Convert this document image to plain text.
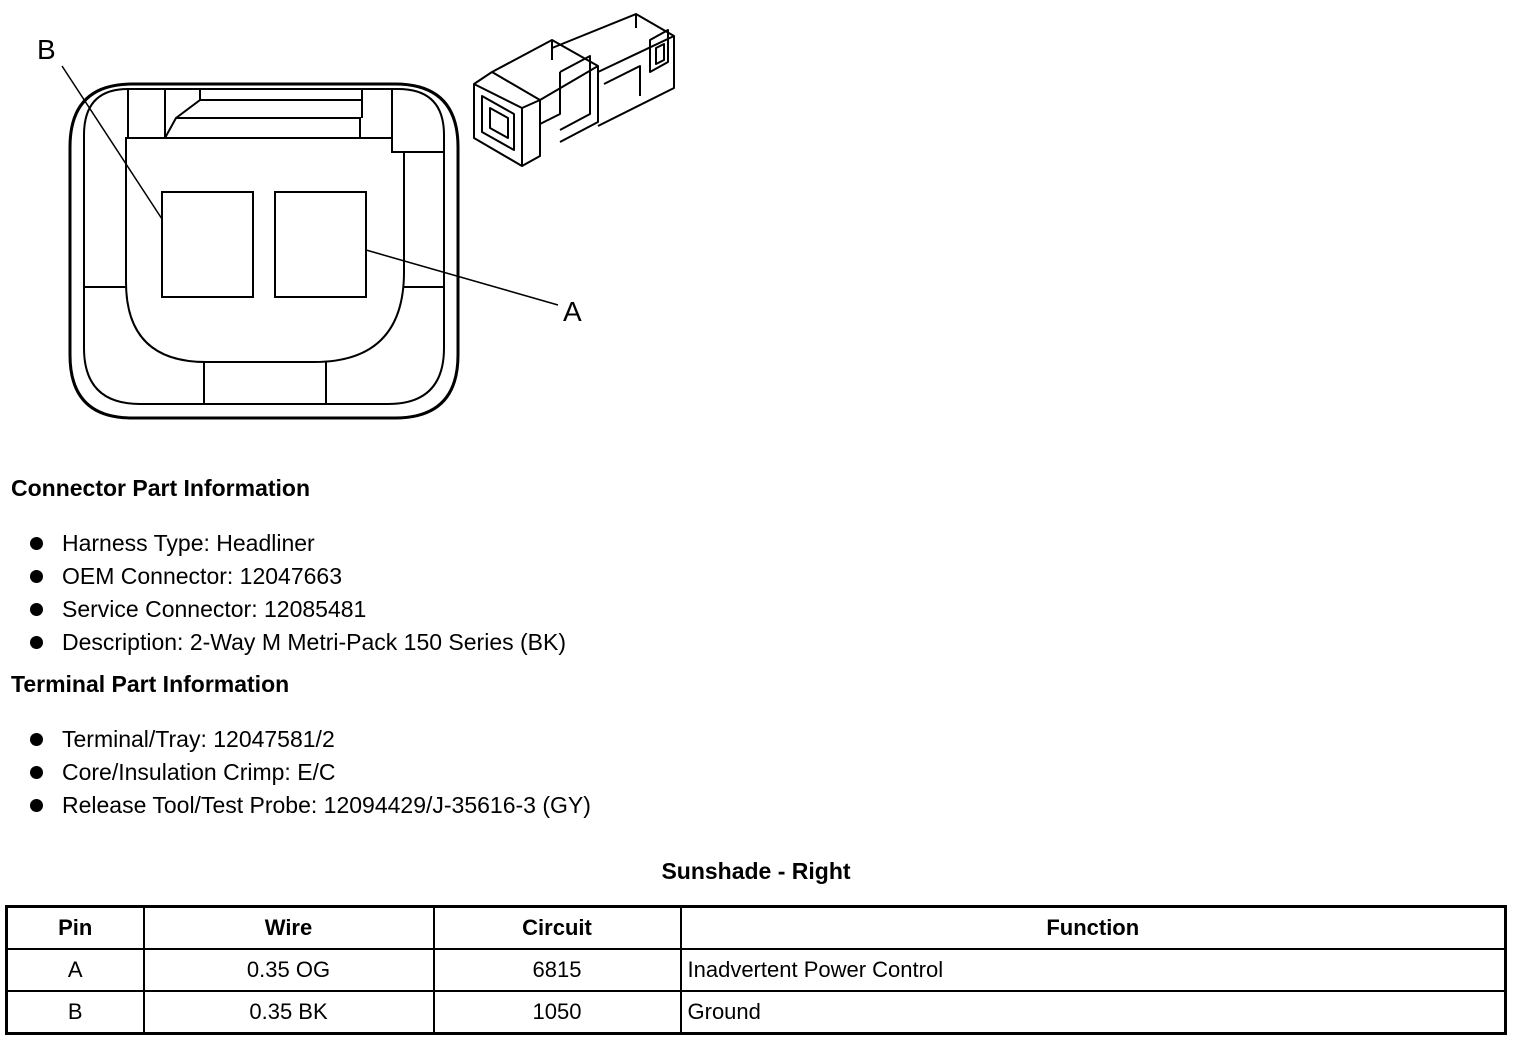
B
A
Connector Part Information
Harness Type: Headliner
OEM Connector: 12047663
Service Connector: 12085481
Description: 2-Way M Metri-Pack 150 Series (BK)
Terminal Part Information
Terminal/Tray: 12047581/2
Core/Insulation Crimp: E/C
Release Tool/Test Probe: 12094429/J-35616-3 (GY)
Sunshade - Right
Pin	Wire	Circuit	Function
A	0.35 OG	6815	Inadvertent Power Control
B	0.35 BK	1050	Ground
